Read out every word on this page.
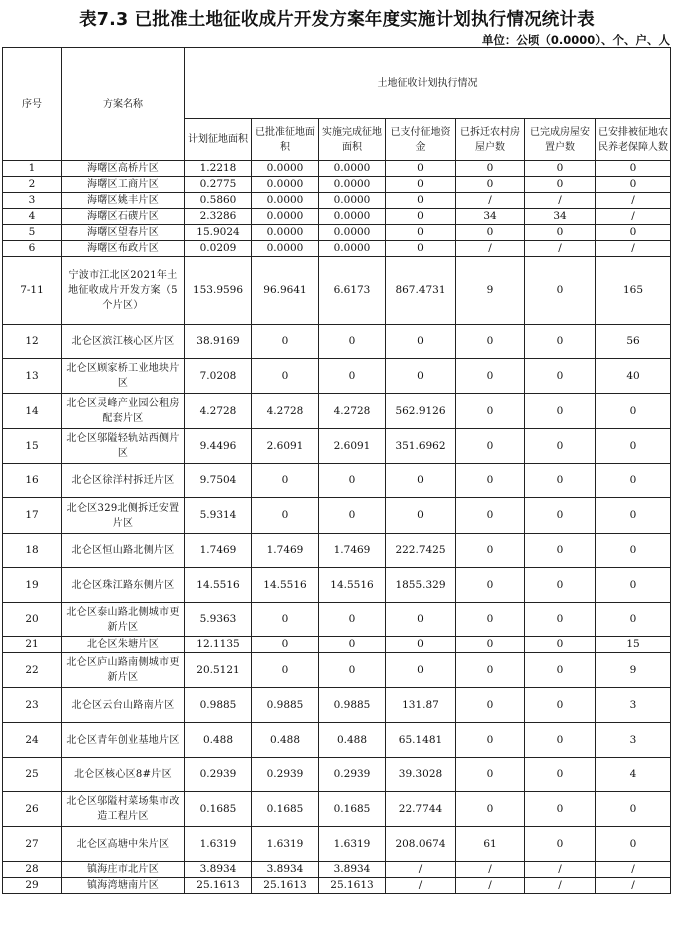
表7.3 已批准土地征收成片开发方案年度实施计划执行情况统计表
单位：公顷（0.0000）、个、户、人
序号	方案名称	土地征收计划执行情况						
		计划征地面积	已批准征地面积	实施完成征地面积	已支付征地资金	已拆迁农村房屋户数	已完成房屋安置户数	已安排被征地农民养老保障人数
1	海曙区高桥片区	1.2218	0.0000	0.0000	0	0	0	0
2	海曙区工商片区	0.2775	0.0000	0.0000	0	0	0	0
3	海曙区姚丰片区	0.5860	0.0000	0.0000	0	/	/	/
4	海曙区石碶片区	2.3286	0.0000	0.0000	0	34	34	/
5	海曙区望春片区	15.9024	0.0000	0.0000	0	0	0	0
6	海曙区布政片区	0.0209	0.0000	0.0000	0	/	/	/
7-11	宁波市江北区2021年土地征收成片开发方案（5个片区）	153.9596	96.9641	6.6173	867.4731	9	0	165
12	北仑区滨江核心区片区	38.9169	0	0	0	0	0	56
13	北仑区顾家桥工业地块片区	7.0208	0	0	0	0	0	40
14	北仑区灵峰产业园公租房配套片区	4.2728	4.2728	4.2728	562.9126	0	0	0
15	北仑区邬隘轻轨站西侧片区	9.4496	2.6091	2.6091	351.6962	0	0	0
16	北仑区徐洋村拆迁片区	9.7504	0	0	0	0	0	0
17	北仑区329北侧拆迁安置片区	5.9314	0	0	0	0	0	0
18	北仑区恒山路北侧片区	1.7469	1.7469	1.7469	222.7425	0	0	0
19	北仑区珠江路东侧片区	14.5516	14.5516	14.5516	1855.329	0	0	0
20	北仑区泰山路北侧城市更新片区	5.9363	0	0	0	0	0	0
21	北仑区朱塘片区	12.1135	0	0	0	0	0	15
22	北仑区庐山路南侧城市更新片区	20.5121	0	0	0	0	0	9
23	北仑区云台山路南片区	0.9885	0.9885	0.9885	131.87	0	0	3
24	北仑区青年创业基地片区	0.488	0.488	0.488	65.1481	0	0	3
25	北仑区核心区8#片区	0.2939	0.2939	0.2939	39.3028	0	0	4
26	北仑区邬隘村菜场集市改造工程片区	0.1685	0.1685	0.1685	22.7744	0	0	0
27	北仑区高塘中朱片区	1.6319	1.6319	1.6319	208.0674	61	0	0
28	镇海庄市北片区	3.8934	3.8934	3.8934	/	/	/	/
29	镇海湾塘南片区	25.1613	25.1613	25.1613	/	/	/	/
